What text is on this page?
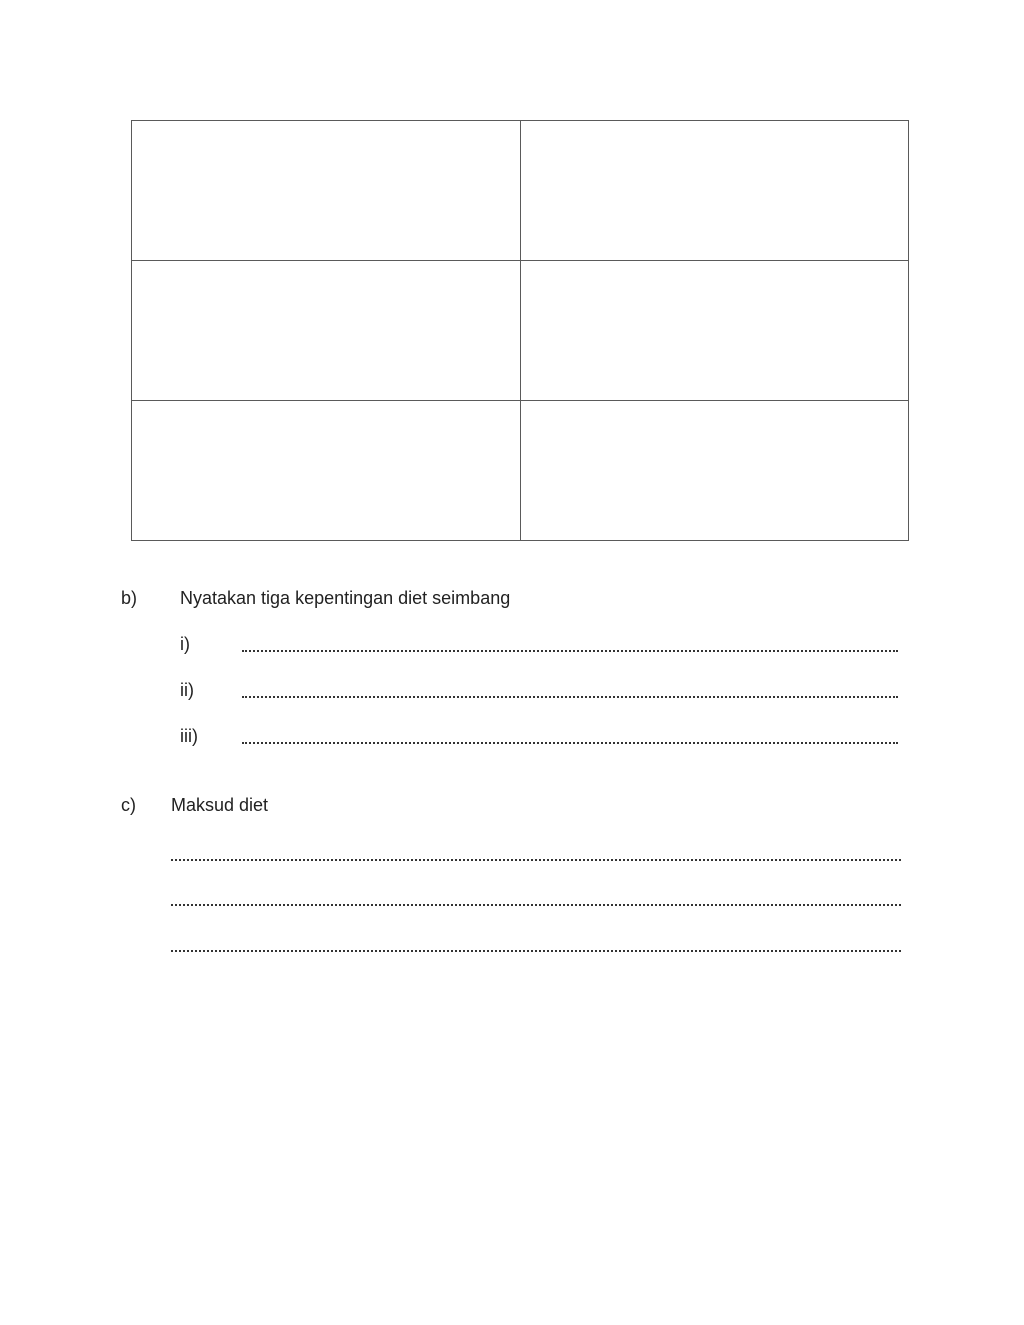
b) Nyatakan tiga kepentingan diet seimbang
i)
ii)
iii)
c) Maksud diet
